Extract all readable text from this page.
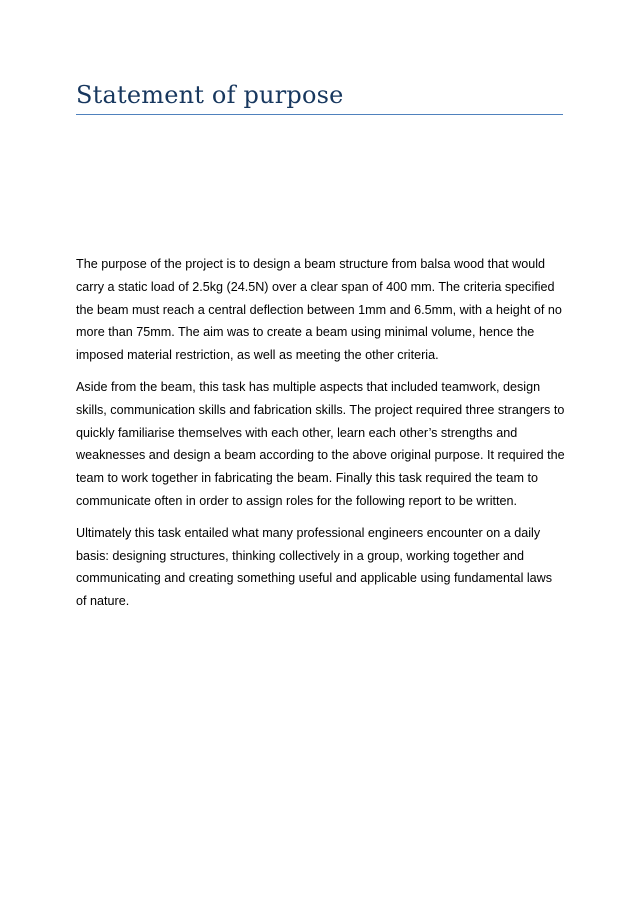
Statement of purpose

The purpose of the project is to design a beam structure from balsa wood that would carry a static load of 2.5kg (24.5N) over a clear span of 400 mm. The criteria specified the beam must reach a central deflection between 1mm and 6.5mm, with a height of no more than 75mm. The aim was to create a beam using minimal volume, hence the imposed material restriction, as well as meeting the other criteria.

Aside from the beam, this task has multiple aspects that included teamwork, design skills, communication skills and fabrication skills. The project required three strangers to quickly familiarise themselves with each other, learn each other’s strengths and weaknesses and design a beam according to the above original purpose. It required the team to work together in fabricating the beam. Finally this task required the team to communicate often in order to assign roles for the following report to be written.

Ultimately this task entailed what many professional engineers encounter on a daily basis: designing structures, thinking collectively in a group, working together and communicating and creating something useful and applicable using fundamental laws of nature.
